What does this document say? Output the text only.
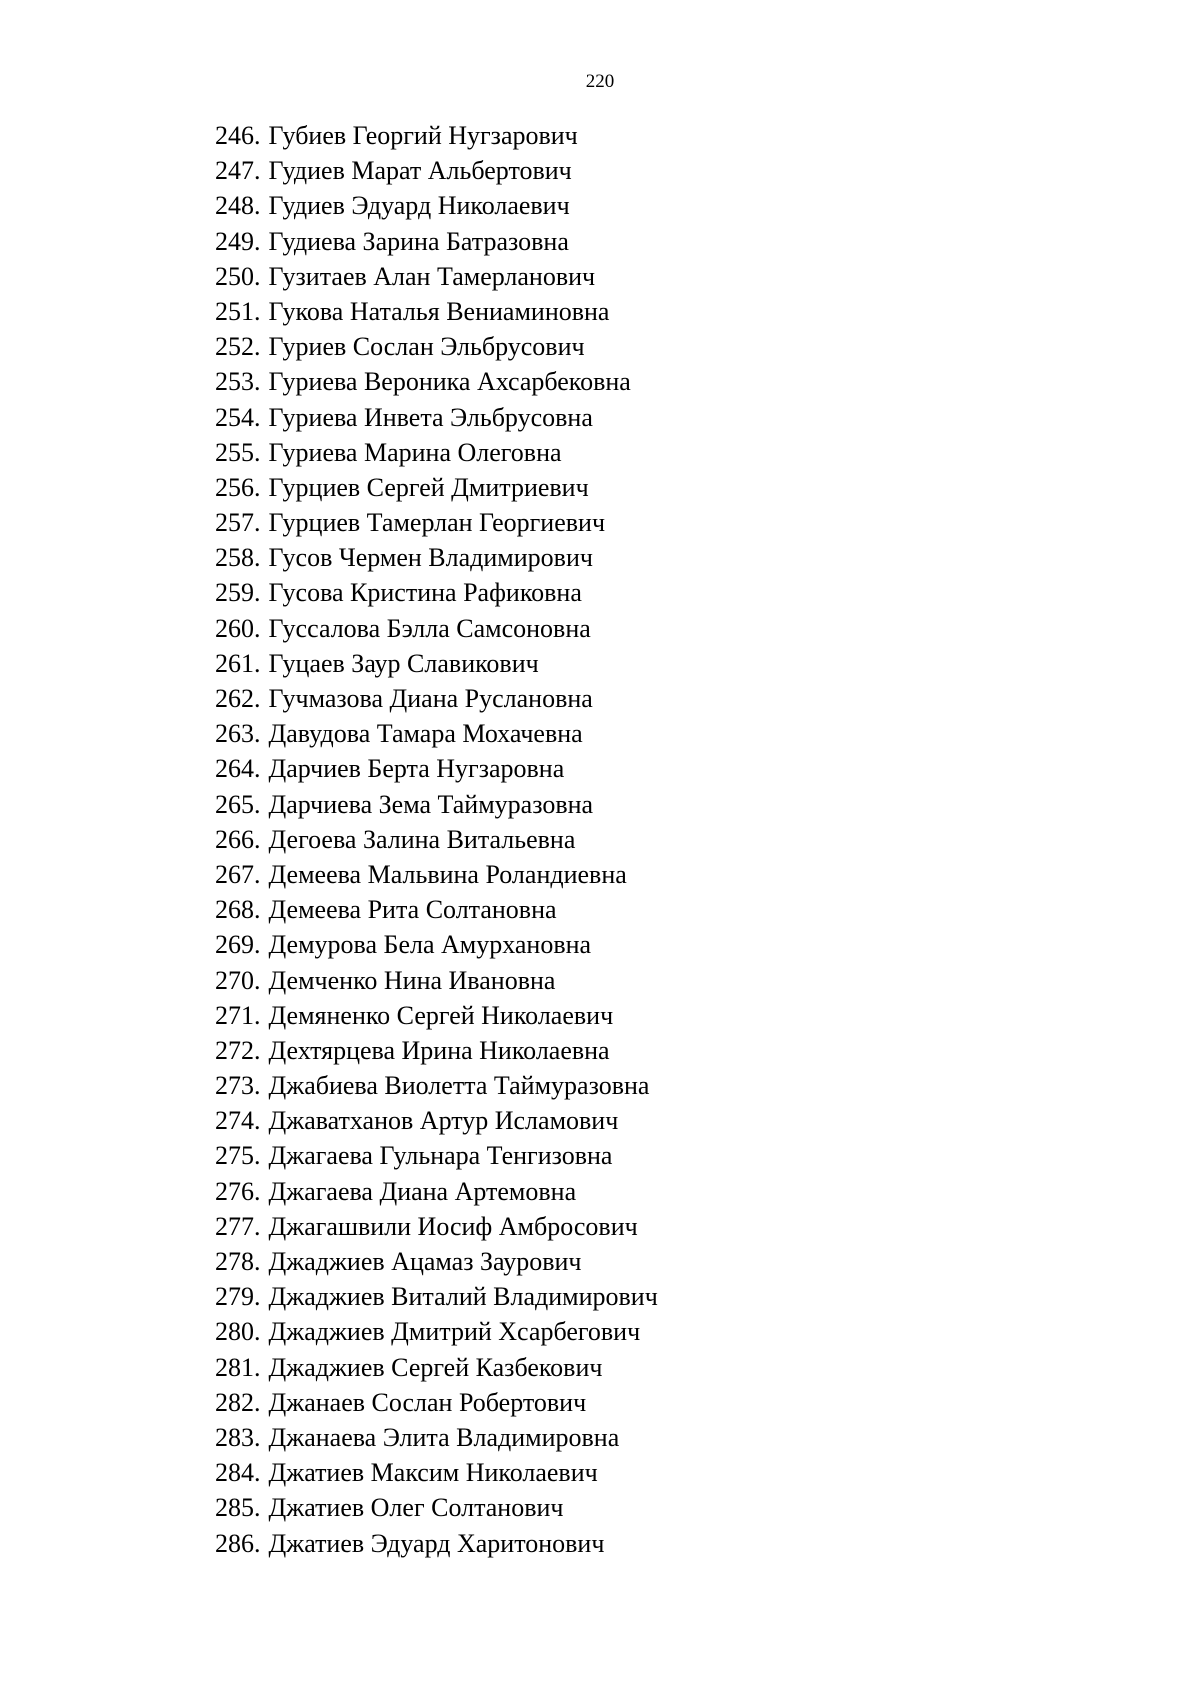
220
246. Губиев Георгий Нугзарович
247. Гудиев Марат Альбертович
248. Гудиев Эдуард Николаевич
249. Гудиева Зарина Батразовна
250. Гузитаев Алан Тамерланович
251. Гукова Наталья Вениаминовна
252. Гуриев Сослан Эльбрусович
253. Гуриева Вероника Ахсарбековна
254. Гуриева Инвета Эльбрусовна
255. Гуриева Марина Олеговна
256. Гурциев Сергей Дмитриевич
257. Гурциев Тамерлан Георгиевич
258. Гусов Чермен Владимирович
259. Гусова Кристина Рафиковна
260. Гуссалова Бэлла Самсоновна
261. Гуцаев Заур Славикович
262. Гучмазова Диана Руслановна
263. Давудова Тамара Мохачевна
264. Дарчиев Берта Нугзаровна
265. Дарчиева Зема Таймуразовна
266. Дегоева Залина Витальевна
267. Демеева Мальвина Роландиевна
268. Демеева Рита Солтановна
269. Демурова Бела Амурхановна
270. Демченко Нина Ивановна
271. Демяненко Сергей Николаевич
272. Дехтярцева Ирина Николаевна
273. Джабиева Виолетта Таймуразовна
274. Джаватханов Артур Исламович
275. Джагаева Гульнара Тенгизовна
276. Джагаева Диана Артемовна
277. Джагашвили Иосиф Амбросович
278. Джаджиев Ацамаз Заурович
279. Джаджиев Виталий Владимирович
280. Джаджиев Дмитрий Хсарбегович
281. Джаджиев Сергей Казбекович
282. Джанаев Сослан Робертович
283. Джанаева Элита Владимировна
284. Джатиев Максим Николаевич
285. Джатиев Олег Солтанович
286. Джатиев Эдуард Харитонович
